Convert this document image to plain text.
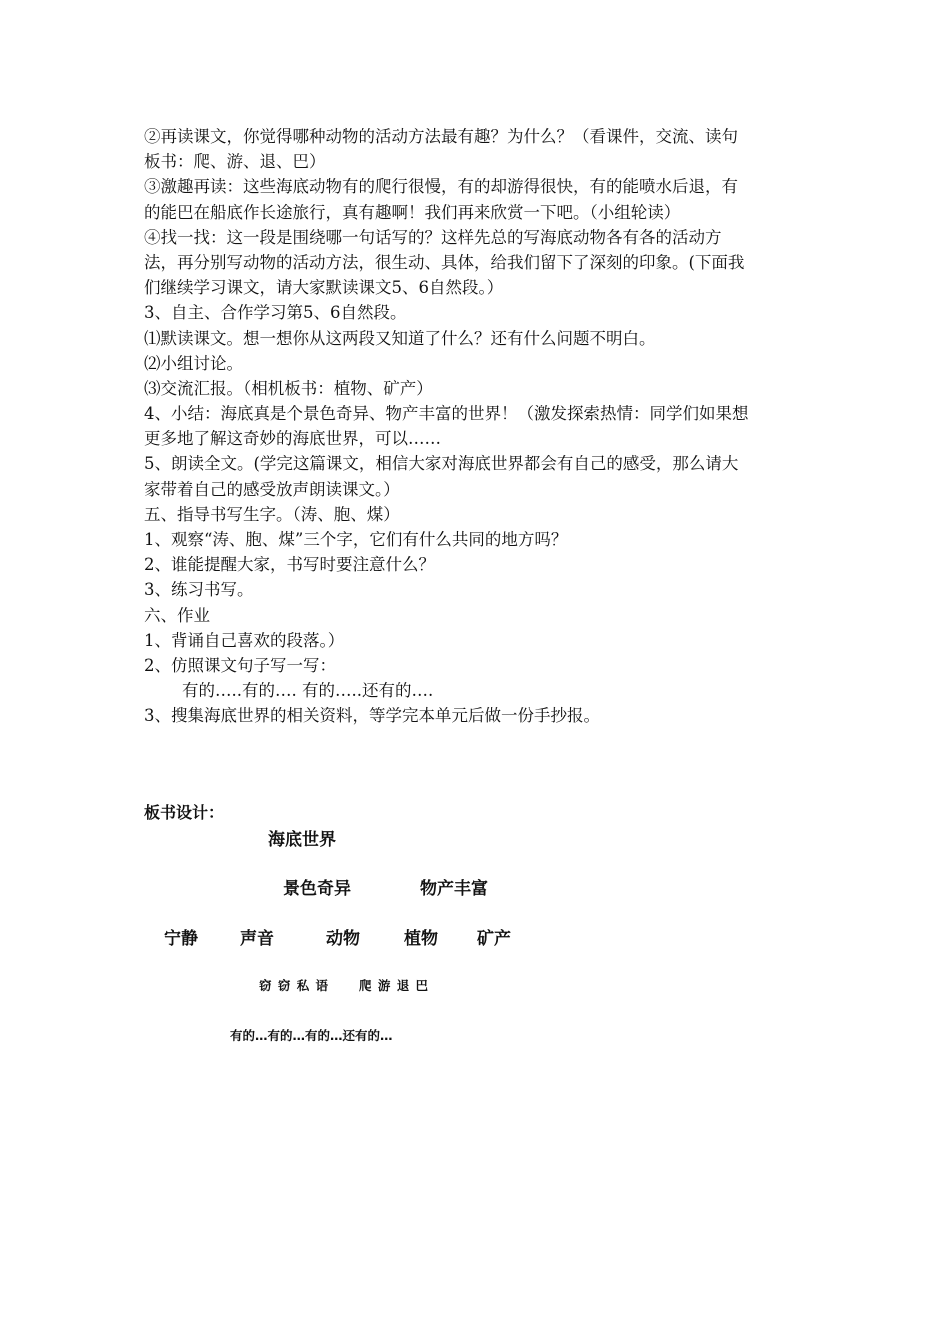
②再读课文，你觉得哪种动物的活动方法最有趣？为什么？（看课件，交流、读句
板书：爬、游、退、巴）
③激趣再读：这些海底动物有的爬行很慢，有的却游得很快，有的能喷水后退，有
的能巴在船底作长途旅行，真有趣啊！我们再来欣赏一下吧。（小组轮读）
④找一找：这一段是围绕哪一句话写的？这样先总的写海底动物各有各的活动方
法，再分别写动物的活动方法，很生动、具体，给我们留下了深刻的印象。(下面我
们继续学习课文，请大家默读课文5、6自然段。）
3、自主、合作学习第5、6自然段。
⑴默读课文。想一想你从这两段又知道了什么？还有什么问题不明白。
⑵小组讨论。
⑶交流汇报。（相机板书：植物、矿产）
4、小结：海底真是个景色奇异、物产丰富的世界！（激发探索热情：同学们如果想
更多地了解这奇妙的海底世界，可以……
5、朗读全文。(学完这篇课文，相信大家对海底世界都会有自己的感受，那么请大
家带着自己的感受放声朗读课文。）
五、指导书写生字。（涛、胞、煤）
1、观察“涛、胞、煤”三个字，它们有什么共同的地方吗？
2、谁能提醒大家，书写时要注意什么？
3、练习书写。
六、作业
1、背诵自己喜欢的段落。）
2、仿照课文句子写一写：
有的…..有的…. 有的…..还有的….
3、搜集海底世界的相关资料，等学完本单元后做一份手抄报。
板书设计：
海底世界
景色奇异	物产丰富
宁静 声音	动物	植物 矿产
窃 窃 私 语 爬 游 退 巴
有的…有的…有的…还有的…
